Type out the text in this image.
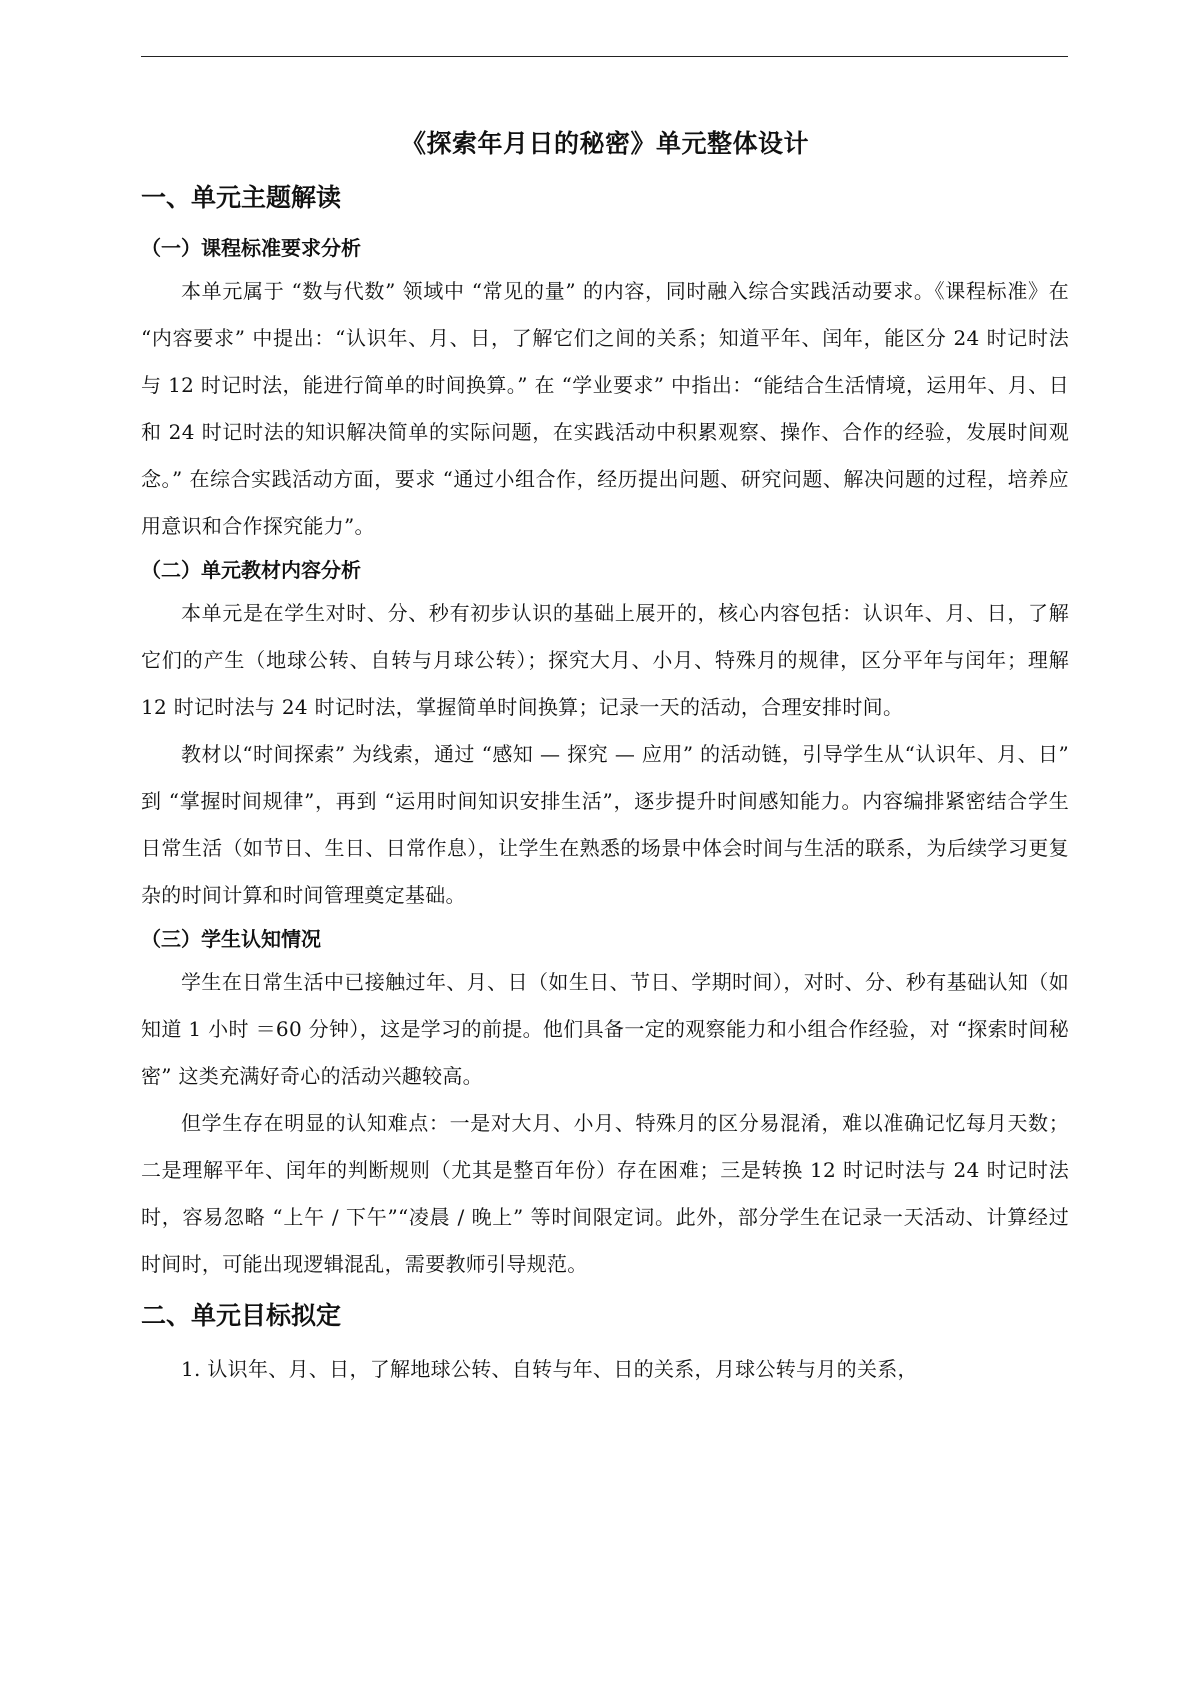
《探索年月日的秘密》单元整体设计
一、单元主题解读
（一）课程标准要求分析

本单元属于 “数与代数” 领域中 “常见的量” 的内容，同时融入综合实践活动要求。《课程标准》在 “内容要求” 中提出：“认识年、月、日，了解它们之间的关系；知道平年、闰年，能区分 24 时记时法与 12 时记时法，能进行简单的时间换算。” 在 “学业要求” 中指出：“能结合生活情境，运用年、月、日和 24 时记时法的知识解决简单的实际问题，在实践活动中积累观察、操作、合作的经验，发展时间观念。” 在综合实践活动方面，要求 “通过小组合作，经历提出问题、研究问题、解决问题的过程，培养应用意识和合作探究能力”。

（二）单元教材内容分析

本单元是在学生对时、分、秒有初步认识的基础上展开的，核心内容包括：认识年、月、日，了解它们的产生（地球公转、自转与月球公转）；探究大月、小月、特殊月的规律，区分平年与闰年；理解 12 时记时法与 24 时记时法，掌握简单时间换算；记录一天的活动，合理安排时间。

教材以“时间探索” 为线索，通过 “感知 — 探究 — 应用” 的活动链，引导学生从“认识年、月、日” 到 “掌握时间规律”，再到 “运用时间知识安排生活”，逐步提升时间感知能力。内容编排紧密结合学生日常生活（如节日、生日、日常作息），让学生在熟悉的场景中体会时间与生活的联系，为后续学习更复杂的时间计算和时间管理奠定基础。

（三）学生认知情况

学生在日常生活中已接触过年、月、日（如生日、节日、学期时间），对时、分、秒有基础认知（如知道 1 小时 ＝60 分钟），这是学习的前提。他们具备一定的观察能力和小组合作经验，对 “探索时间秘密” 这类充满好奇心的活动兴趣较高。

但学生存在明显的认知难点：一是对大月、小月、特殊月的区分易混淆，难以准确记忆每月天数；二是理解平年、闰年的判断规则（尤其是整百年份）存在困难；三是转换 12 时记时法与 24 时记时法时，容易忽略 “上午 / 下午”“凌晨 / 晚上” 等时间限定词。此外，部分学生在记录一天活动、计算经过时间时，可能出现逻辑混乱，需要教师引导规范。

二、单元目标拟定

1. 认识年、月、日，了解地球公转、自转与年、日的关系，月球公转与月的关系，
